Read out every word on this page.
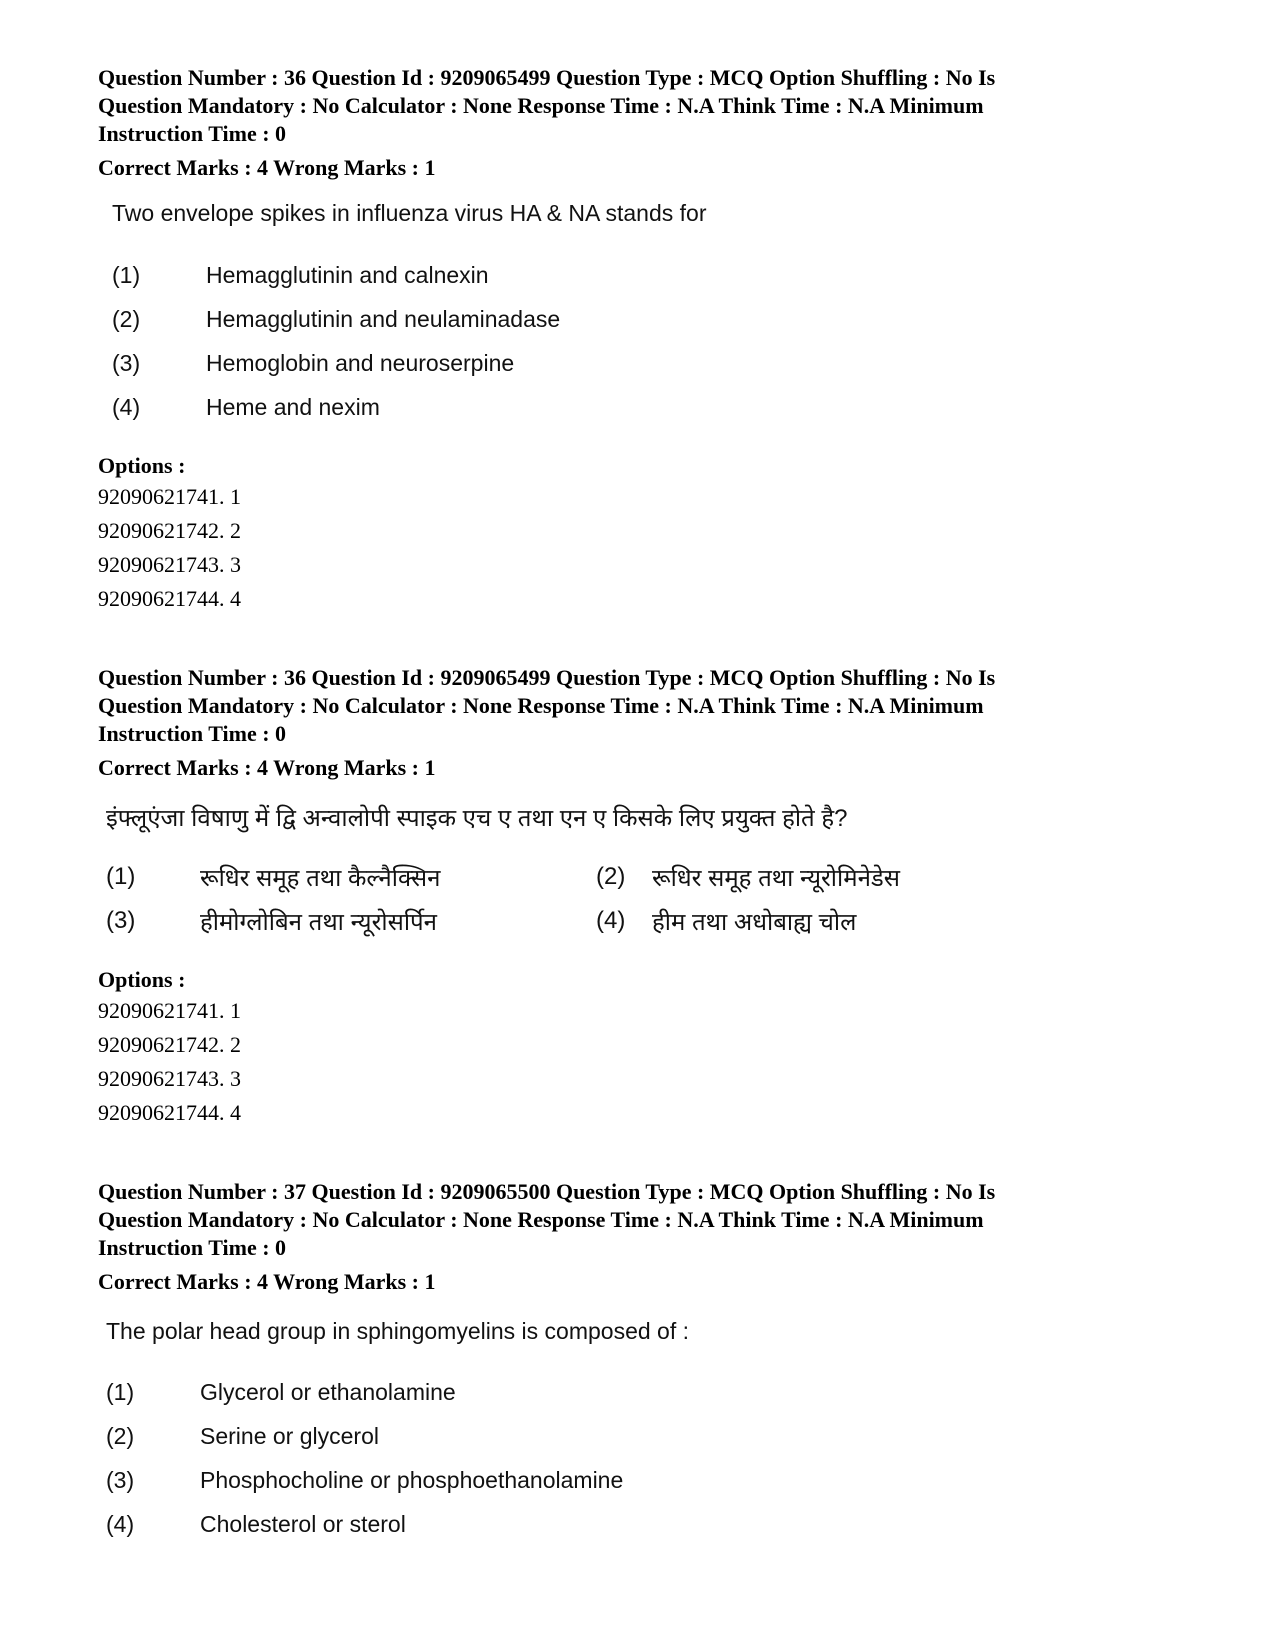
Question Number : 36 Question Id : 9209065499 Question Type : MCQ Option Shuffling : No Is
Question Mandatory : No Calculator : None Response Time : N.A Think Time : N.A Minimum
Instruction Time : 0
Correct Marks : 4 Wrong Marks : 1
Two envelope spikes in influenza virus HA & NA stands for
(1)	Hemagglutinin and calnexin
(2)	Hemagglutinin and neulaminadase
(3)	Hemoglobin and neuroserpine
(4)	Heme and nexim
Options :
92090621741. 1
92090621742. 2
92090621743. 3
92090621744. 4
Question Number : 36 Question Id : 9209065499 Question Type : MCQ Option Shuffling : No Is
Question Mandatory : No Calculator : None Response Time : N.A Think Time : N.A Minimum
Instruction Time : 0
Correct Marks : 4 Wrong Marks : 1
इंफ्लूएंजा विषाणु में द्वि अन्वालोपी स्पाइक एच ए तथा एन ए किसके लिए प्रयुक्त होते है?
(1)	रूधिर समूह तथा कैल्नैक्सिन	(2)	रूधिर समूह तथा न्यूरोमिनेडेस
(3)	हीमोग्लोबिन तथा न्यूरोसर्पिन	(4)	हीम तथा अधोबाह्य चोल
Options :
92090621741. 1
92090621742. 2
92090621743. 3
92090621744. 4
Question Number : 37 Question Id : 9209065500 Question Type : MCQ Option Shuffling : No Is
Question Mandatory : No Calculator : None Response Time : N.A Think Time : N.A Minimum
Instruction Time : 0
Correct Marks : 4 Wrong Marks : 1
The polar head group in sphingomyelins is composed of :
(1)	Glycerol or ethanolamine
(2)	Serine or glycerol
(3)	Phosphocholine or phosphoethanolamine
(4)	Cholesterol or sterol
